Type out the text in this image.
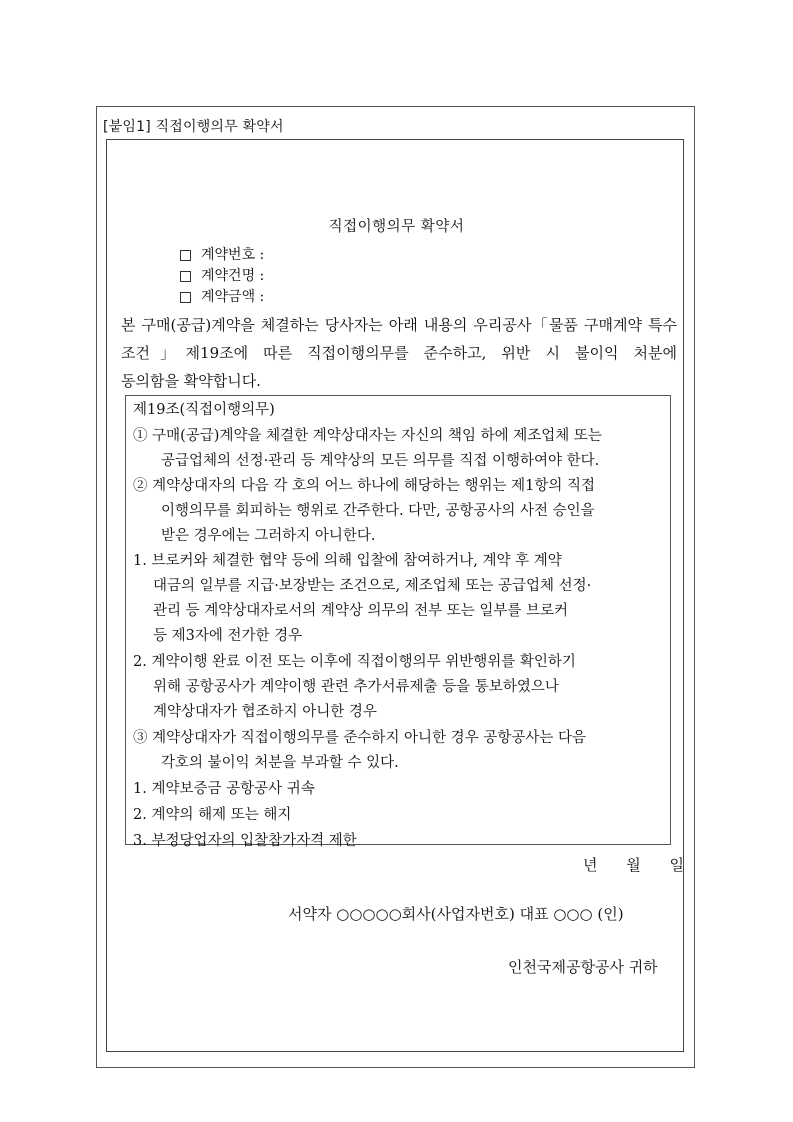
[붙임1] 직접이행의무 확약서
직접이행의무 확약서
계약번호 :
계약건명 :
계약금액 :
본 구매(공급)계약을 체결하는 당사자는 아래 내용의 우리공사「물품 구매계약 특수
조건」제19조에 따른 직접이행의무를 준수하고, 위반 시 불이익 처분에
동의함을 확약합니다.
제19조(직접이행의무)
① 구매(공급)계약을 체결한 계약상대자는 자신의 책임 하에 제조업체 또는
공급업체의 선정·관리 등 계약상의 모든 의무를 직접 이행하여야 한다.
② 계약상대자의 다음 각 호의 어느 하나에 해당하는 행위는 제1항의 직접
이행의무를 회피하는 행위로 간주한다. 다만, 공항공사의 사전 승인을
받은 경우에는 그러하지 아니한다.
1. 브로커와 체결한 협약 등에 의해 입찰에 참여하거나, 계약 후 계약
대금의 일부를 지급·보장받는 조건으로, 제조업체 또는 공급업체 선정·
관리 등 계약상대자로서의 계약상 의무의 전부 또는 일부를 브로커
등 제3자에 전가한 경우
2. 계약이행 완료 이전 또는 이후에 직접이행의무 위반행위를 확인하기
위해 공항공사가 계약이행 관련 추가서류제출 등을 통보하였으나
계약상대자가 협조하지 아니한 경우
③ 계약상대자가 직접이행의무를 준수하지 아니한 경우 공항공사는 다음
각호의 불이익 처분을 부과할 수 있다.
1. 계약보증금 공항공사 귀속
2. 계약의 해제 또는 해지
3. 부정당업자의 입찰참가자격 제한
년 월 일
서약자 ○○○○○회사(사업자번호) 대표 ○○○ (인)
인천국제공항공사 귀하
